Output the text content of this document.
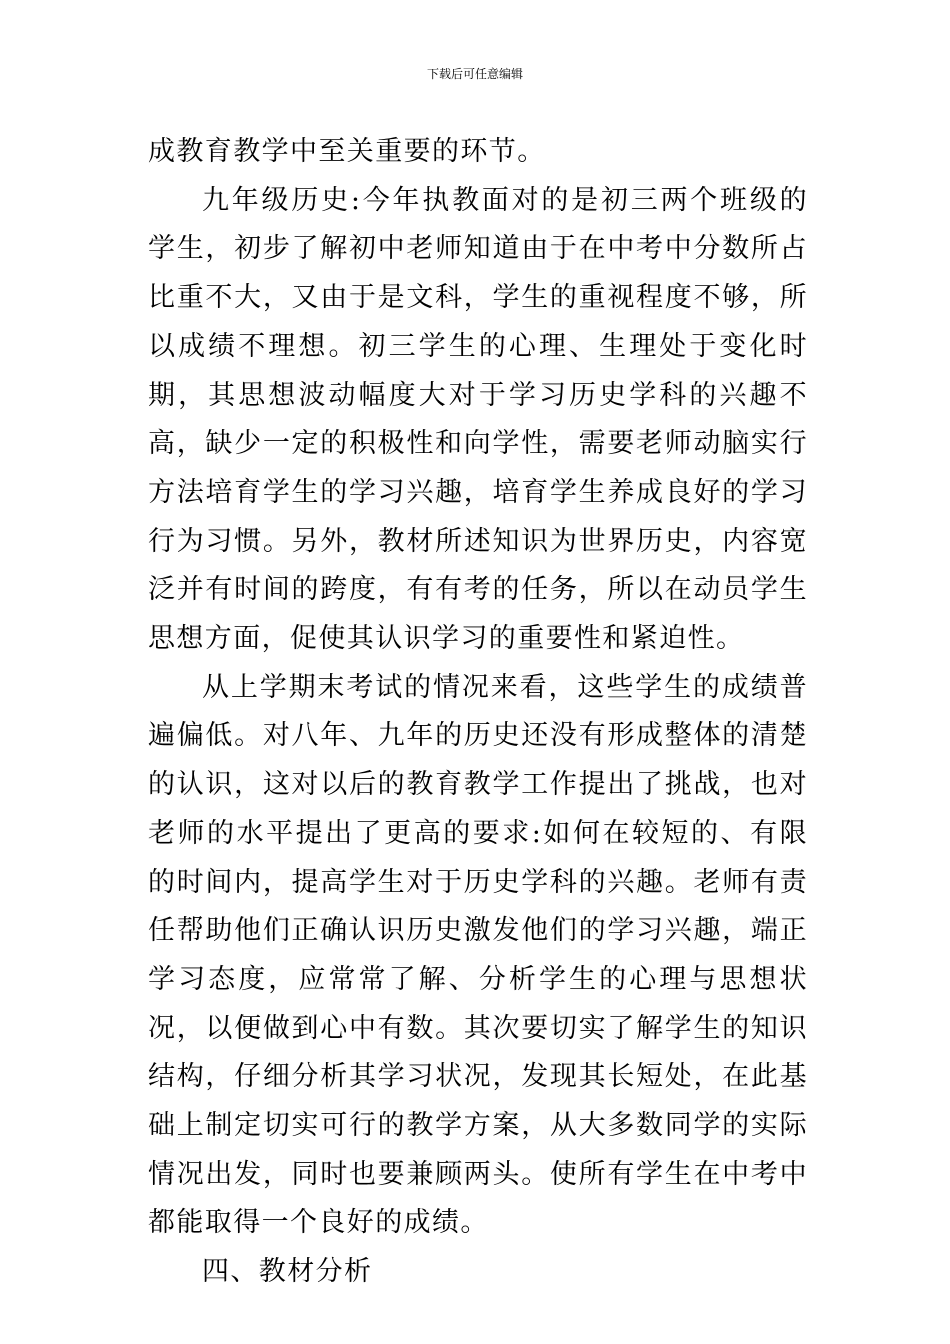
下载后可任意编辑

成教育教学中至关重要的环节。

九年级历史:今年执教面对的是初三两个班级的学生，初步了解初中老师知道由于在中考中分数所占比重不大，又由于是文科，学生的重视程度不够，所以成绩不理想。初三学生的心理、生理处于变化时期，其思想波动幅度大对于学习历史学科的兴趣不高，缺少一定的积极性和向学性，需要老师动脑实行方法培育学生的学习兴趣，培育学生养成良好的学习行为习惯。另外，教材所述知识为世界历史，内容宽泛并有时间的跨度，有有考的任务，所以在动员学生思想方面，促使其认识学习的重要性和紧迫性。

从上学期末考试的情况来看，这些学生的成绩普遍偏低。对八年、九年的历史还没有形成整体的清楚的认识，这对以后的教育教学工作提出了挑战，也对老师的水平提出了更高的要求:如何在较短的、有限的时间内，提高学生对于历史学科的兴趣。老师有责任帮助他们正确认识历史激发他们的学习兴趣，端正学习态度，应常常了解、分析学生的心理与思想状况，以便做到心中有数。其次要切实了解学生的知识结构，仔细分析其学习状况，发现其长短处，在此基础上制定切实可行的教学方案，从大多数同学的实际情况出发，同时也要兼顾两头。使所有学生在中考中都能取得一个良好的成绩。

四、教材分析
